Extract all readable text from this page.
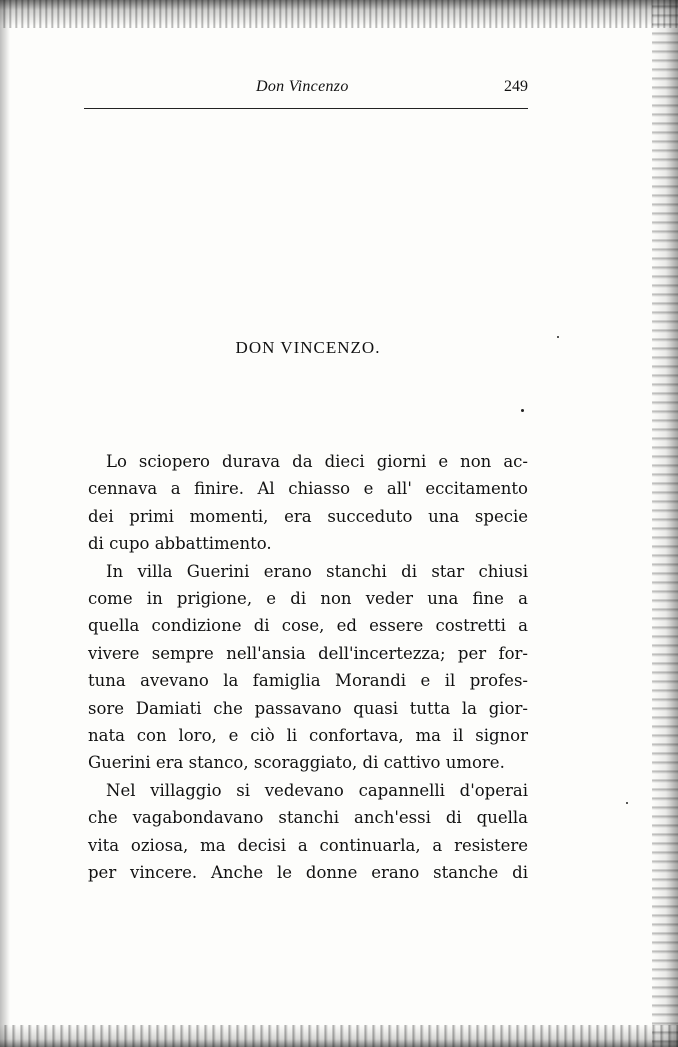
Don Vincenzo	249
DON VINCENZO.

Lo sciopero durava da dieci giorni e non ac-
cennava a finire. Al chiasso e all' eccitamento
dei primi momenti, era succeduto una specie
di cupo abbattimento.

In villa Guerini erano stanchi di star chiusi
come in prigione, e di non veder una fine a
quella condizione di cose, ed essere costretti a
vivere sempre nell'ansia dell'incertezza; per for-
tuna avevano la famiglia Morandi e il profes-
sore Damiati che passavano quasi tutta la gior-
nata con loro, e ciò li confortava, ma il signor
Guerini era stanco, scoraggiato, di cattivo umore.

Nel villaggio si vedevano capannelli d'operai
che vagabondavano stanchi anch'essi di quella
vita oziosa, ma decisi a continuarla, a resistere
per vincere. Anche le donne erano stanche di
